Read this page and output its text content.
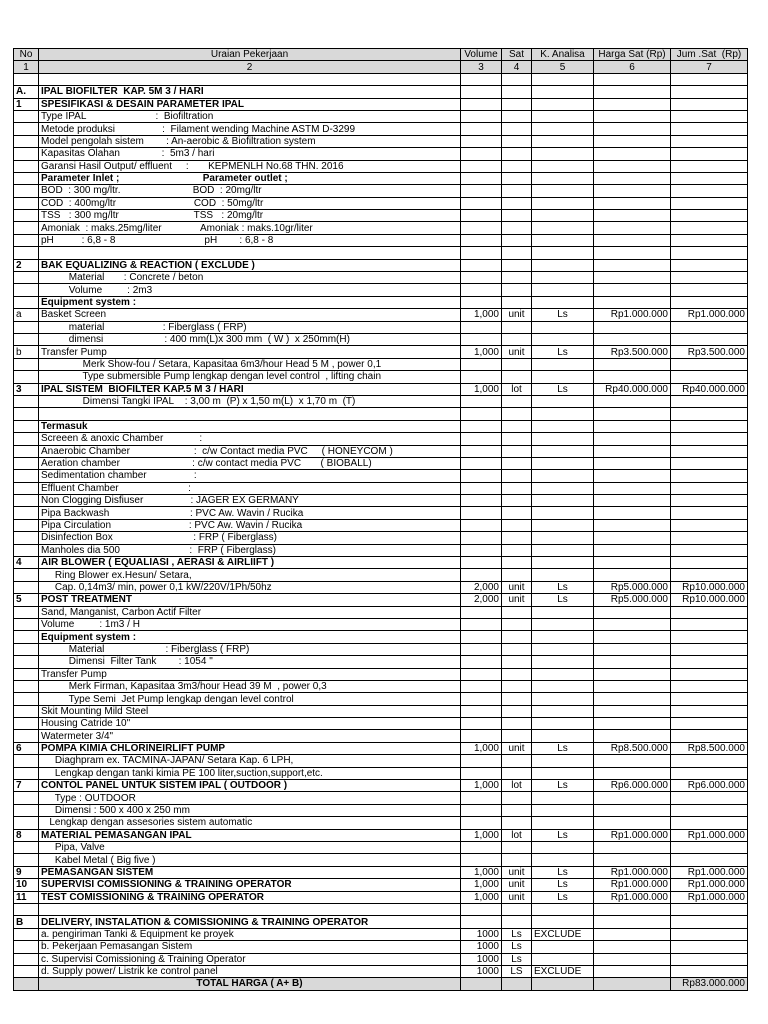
No	Uraian Pekerjaan	Volume	Sat	K. Analisa	Harga Sat (Rp)	Jum .Sat  (Rp)
1	2	3	4	5	6	7

A.	IPAL BIOFILTER  KAP. 5M 3 / HARI					
1	SPESIFIKASI & DESAIN PARAMETER IPAL					
	Type IPAL                         :  Biofiltration					
	Metode produksi                 :  Filament wending Machine ASTM D-3299					
	Model pengolah sistem        : An-aerobic & Biofiltration system					
	Kapasitas Olahan               :  5m3 / hari					
	Garansi Hasil Output/ effluent     :       KEPMENLH No.68 THN. 2016					
	Parameter Inlet ;                              Parameter outlet ;					
	BOD  : 300 mg/ltr.                          BOD  : 20mg/ltr					
	COD  : 400mg/ltr                            COD  : 50mg/ltr					
	TSS   : 300 mg/ltr                           TSS   : 20mg/ltr					
	Amoniak  : maks.25mg/liter              Amoniak : maks.10gr/liter					
	pH          : 6,8 - 8                                pH        : 6,8 - 8					

2	BAK EQUALIZING & REACTION ( EXCLUDE )					
	Material       : Concrete / beton					
	Volume         : 2m3					
	Equipment system :					
a	Basket Screen	1,000	unit	Ls	Rp1.000.000	Rp1.000.000
	material                     : Fiberglass ( FRP)					
	dimensi                      : 400 mm(L)x 300 mm  ( W )  x 250mm(H)					
b	Transfer Pump	1,000	unit	Ls	Rp3.500.000	Rp3.500.000
	Merk Show-fou / Setara, Kapasitaa 6m3/hour Head 5 M , power 0,1					
	Type submersible Pump lengkap dengan level control  , lifting chain					
3	IPAL SISTEM  BIOFILTER KAP.5 M 3 / HARI	1,000	lot	Ls	Rp40.000.000	Rp40.000.000
	Dimensi Tangki IPAL    : 3,00 m  (P) x 1,50 m(L)  x 1,70 m  (T)					

	Termasuk					
	Screeen & anoxic Chamber             :					
	Anaerobic Chamber                       :  c/w Contact media PVC     ( HONEYCOM )					
	Aeration chamber                          : c/w contact media PVC       ( BIOBALL)					
	Sedimentation chamber                 :					
	Effluent Chamber                         :					
	Non Clogging Disfiuser                 : JAGER EX GERMANY					
	Pipa Backwash                             : PVC Aw. Wavin / Rucika					
	Pipa Circulation                            : PVC Aw. Wavin / Rucika					
	Disinfection Box                             : FRP ( Fiberglass)					
	Manholes dia 500                         :  FRP ( Fiberglass)					
4	AIR BLOWER ( EQUALIASI , AERASI & AIRLIIFT )					
	Ring Blower ex.Hesun/ Setara,					
	Cap. 0,14m3/ min, power 0,1 kW/220V/1Ph/50hz	2,000	unit	Ls	Rp5.000.000	Rp10.000.000
5	POST TREATMENT	2,000	unit	Ls	Rp5.000.000	Rp10.000.000
	Sand, Manganist, Carbon Actif Filter					
	Volume         : 1m3 / H					
	Equipment system :					
	Material                      : Fiberglass ( FRP)					
	Dimensi  Filter Tank        : 1054 "					
	Transfer Pump					
	Merk Firman, Kapasitaa 3m3/hour Head 39 M  , power 0,3					
	Type Semi  Jet Pump lengkap dengan level control					
	Skit Mounting Mild Steel					
	Housing Catride 10"					
	Watermeter 3/4"					
6	POMPA KIMIA CHLORINEIRLIFT PUMP	1,000	unit	Ls	Rp8.500.000	Rp8.500.000
	Diaghpram ex. TACMINA-JAPAN/ Setara Kap. 6 LPH,					
	Lengkap dengan tanki kimia PE 100 liter,suction,support,etc.					
7	CONTOL PANEL UNTUK SISTEM IPAL ( OUTDOOR )	1,000	lot	Ls	Rp6.000.000	Rp6.000.000
	Type : OUTDOOR					
	Dimensi : 500 x 400 x 250 mm					
	Lengkap dengan assesories sistem automatic					
8	MATERIAL PEMASANGAN IPAL	1,000	lot	Ls	Rp1.000.000	Rp1.000.000
	Pipa, Valve					
	Kabel Metal ( Big five )					
9	PEMASANGAN SISTEM	1,000	unit	Ls	Rp1.000.000	Rp1.000.000
10	SUPERVISI COMISSIONING & TRAINING OPERATOR	1,000	unit	Ls	Rp1.000.000	Rp1.000.000
11	TEST COMISSIONING & TRAINING OPERATOR	1,000	unit	Ls	Rp1.000.000	Rp1.000.000

B	DELIVERY, INSTALATION & COMISSIONING & TRAINING OPERATOR					
	a. pengiriman Tanki & Equipment ke proyek	1000	Ls	EXCLUDE		
	b. Pekerjaan Pemasangan Sistem	1000	Ls			
	c. Supervisi Comissioning & Training Operator	1000	Ls			
	d. Supply power/ Listrik ke control panel	1000	LS	EXCLUDE		
	TOTAL HARGA ( A+ B)					Rp83.000.000
